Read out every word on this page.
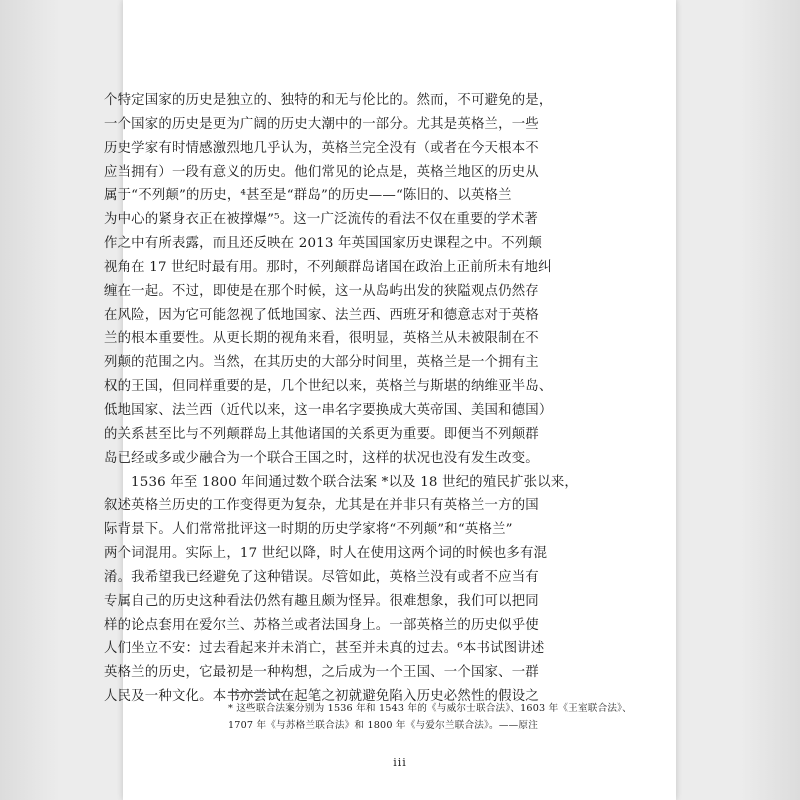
个特定国家的历史是独立的、独特的和无与伦比的。然而，不可避免的是，
一个国家的历史是更为广阔的历史大潮中的一部分。尤其是英格兰，一些
历史学家有时情感激烈地几乎认为，英格兰完全没有（或者在今天根本不
应当拥有）一段有意义的历史。他们常见的论点是，英格兰地区的历史从
属于“不列颠”的历史，⁴甚至是“群岛”的历史——“陈旧的、以英格兰
为中心的紧身衣正在被撑爆”⁵。这一广泛流传的看法不仅在重要的学术著
作之中有所表露，而且还反映在 2013 年英国国家历史课程之中。不列颠
视角在 17 世纪时最有用。那时，不列颠群岛诸国在政治上正前所未有地纠
缠在一起。不过，即使是在那个时候，这一从岛屿出发的狭隘观点仍然存
在风险，因为它可能忽视了低地国家、法兰西、西班牙和德意志对于英格
兰的根本重要性。从更长期的视角来看，很明显，英格兰从未被限制在不
列颠的范围之内。当然，在其历史的大部分时间里，英格兰是一个拥有主
权的王国，但同样重要的是，几个世纪以来，英格兰与斯堪的纳维亚半岛、
低地国家、法兰西（近代以来，这一串名字要换成大英帝国、美国和德国）
的关系甚至比与不列颠群岛上其他诸国的关系更为重要。即便当不列颠群
岛已经或多或少融合为一个联合王国之时，这样的状况也没有发生改变。

1536 年至 1800 年间通过数个联合法案 *以及 18 世纪的殖民扩张以来，
叙述英格兰历史的工作变得更为复杂，尤其是在并非只有英格兰一方的国
际背景下。人们常常批评这一时期的历史学家将“不列颠”和“英格兰”
两个词混用。实际上，17 世纪以降，时人在使用这两个词的时候也多有混
淆。我希望我已经避免了这种错误。尽管如此，英格兰没有或者不应当有
专属自己的历史这种看法仍然有趣且颇为怪异。很难想象，我们可以把同
样的论点套用在爱尔兰、苏格兰或者法国身上。一部英格兰的历史似乎使
人们坐立不安：过去看起来并未消亡，甚至并未真的过去。⁶本书试图讲述
英格兰的历史，它最初是一种构想，之后成为一个王国、一个国家、一群
人民及一种文化。本书亦尝试在起笔之初就避免陷入历史必然性的假设之

* 这些联合法案分别为 1536 年和 1543 年的《与威尔士联合法》、1603 年《王室联合法》、
1707 年《与苏格兰联合法》和 1800 年《与爱尔兰联合法》。——原注
iii
